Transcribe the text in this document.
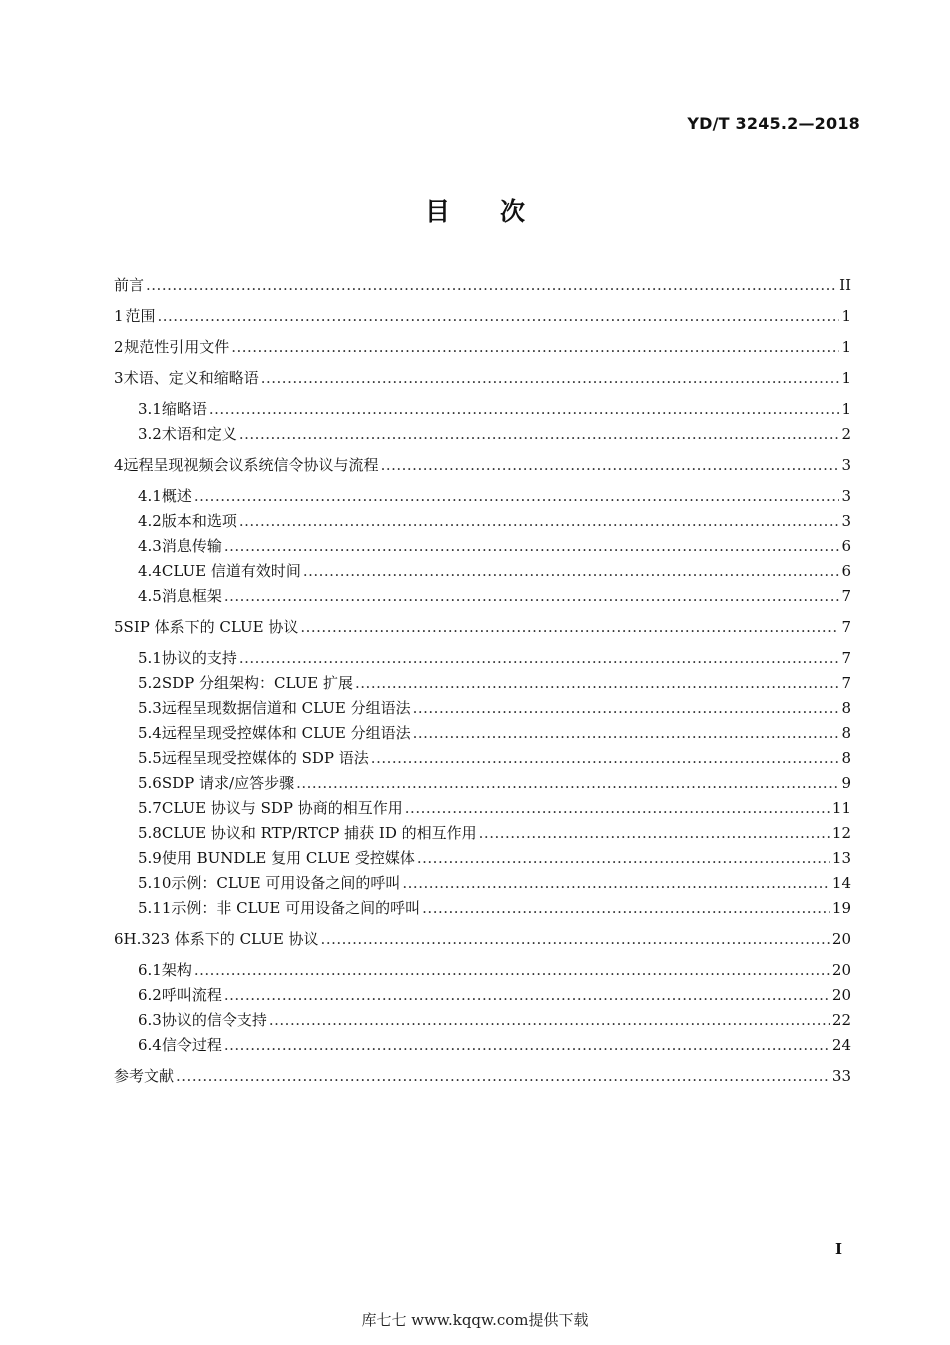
YD/T 3245.2—2018
目　　次
前言 .....	II
1 范围 .....	1
2 规范性引用文件 .....	1
3 术语、定义和缩略语 .....	1
3.1 缩略语 .....	1
3.2 术语和定义 .....	2
4 远程呈现视频会议系统信令协议与流程 .....	3
4.1 概述 .....	3
4.2 版本和选项 .....	3
4.3 消息传输 .....	6
4.4 CLUE 信道有效时间 .....	6
4.5 消息框架 .....	7
5 SIP 体系下的 CLUE 协议 .....	7
5.1 协议的支持 .....	7
5.2 SDP 分组架构：CLUE 扩展 .....	7
5.3 远程呈现数据信道和 CLUE 分组语法 .....	8
5.4 远程呈现受控媒体和 CLUE 分组语法 .....	8
5.5 远程呈现受控媒体的 SDP 语法 .....	8
5.6 SDP 请求/应答步骤 .....	9
5.7 CLUE 协议与 SDP 协商的相互作用 .....	11
5.8 CLUE 协议和 RTP/RTCP 捕获 ID 的相互作用 .....	12
5.9 使用 BUNDLE 复用 CLUE 受控媒体 .....	13
5.10 示例：CLUE 可用设备之间的呼叫 .....	14
5.11 示例：非 CLUE 可用设备之间的呼叫 .....	19
6 H.323 体系下的 CLUE 协议 .....	20
6.1 架构 .....	20
6.2 呼叫流程 .....	20
6.3 协议的信令支持 .....	22
6.4 信令过程 .....	24
参考文献 .....	33
I
库七七 www.kqqw.com提供下载
